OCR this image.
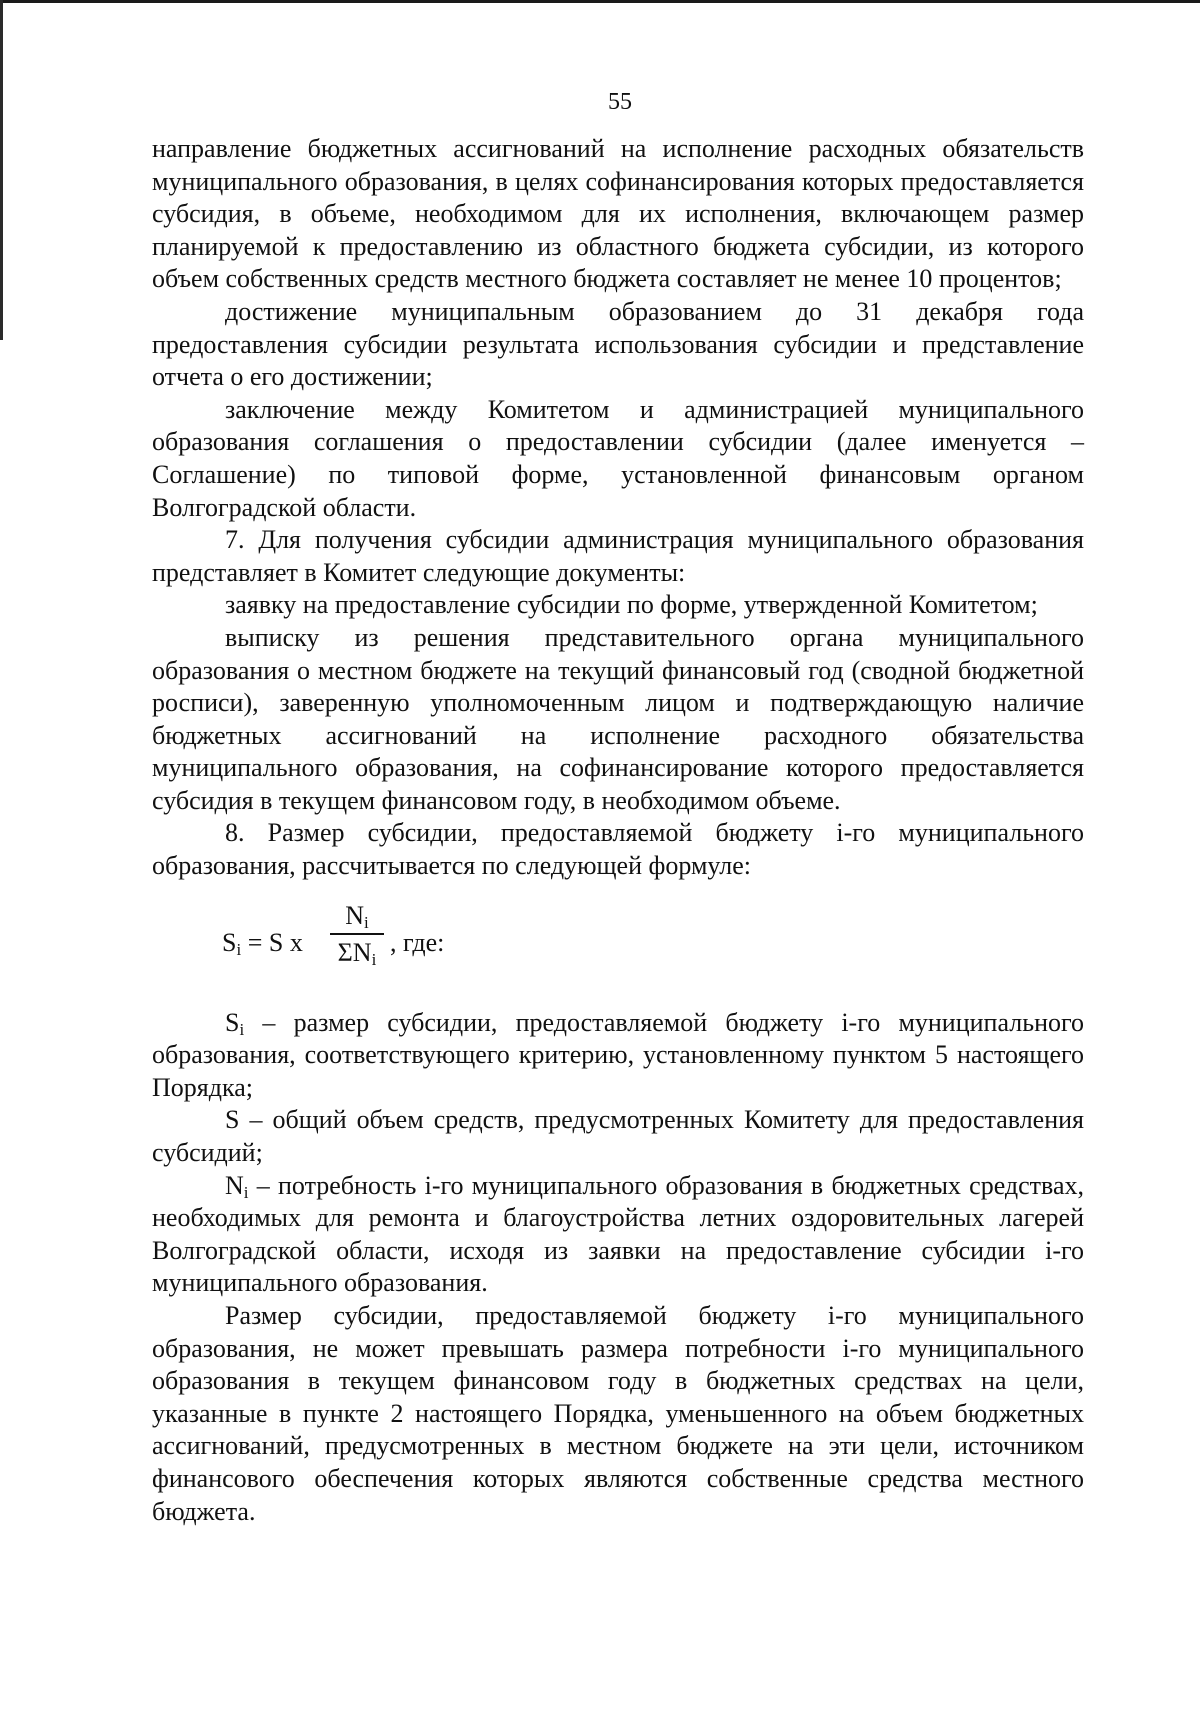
55

направление бюджетных ассигнований на исполнение расходных обязательств муниципального образования, в целях софинансирования которых предоставляется субсидия, в объеме, необходимом для их исполнения, включающем размер планируемой к предоставлению из областного бюджета субсидии, из которого объем собственных средств местного бюджета составляет не менее 10 процентов;

достижение муниципальным образованием до 31 декабря года предоставления субсидии результата использования субсидии и представление отчета о его достижении;

заключение между Комитетом и администрацией муниципального образования соглашения о предоставлении субсидии (далее именуется – Соглашение) по типовой форме, установленной финансовым органом Волгоградской области.

7. Для получения субсидии администрация муниципального образования представляет в Комитет следующие документы:

заявку на предоставление субсидии по форме, утвержденной Комитетом;

выписку из решения представительного органа муниципального образования о местном бюджете на текущий финансовый год (сводной бюджетной росписи), заверенную уполномоченным лицом и подтверждающую наличие бюджетных ассигнований на исполнение расходного обязательства муниципального образования, на софинансирование которого предоставляется субсидия в текущем финансовом году, в необходимом объеме.

8. Размер субсидии, предоставляемой бюджету i-го муниципального образования, рассчитывается по следующей формуле:

$S_i = S$ x
$N_i$
$\Sigma N_i$
, где:

$S_i$ – размер субсидии, предоставляемой бюджету i-го муниципального образования, соответствующего критерию, установленному пунктом 5 настоящего Порядка;

S – общий объем средств, предусмотренных Комитету для предоставления субсидий;

$N_i$ – потребность i-го муниципального образования в бюджетных средствах, необходимых для ремонта и благоустройства летних оздоровительных лагерей Волгоградской области, исходя из заявки на предоставление субсидии i-го муниципального образования.

Размер субсидии, предоставляемой бюджету i-го муниципального образования, не может превышать размера потребности i-го муниципального образования в текущем финансовом году в бюджетных средствах на цели, указанные в пункте 2 настоящего Порядка, уменьшенного на объем бюджетных ассигнований, предусмотренных в местном бюджете на эти цели, источником финансового обеспечения которых являются собственные средства местного бюджета.
